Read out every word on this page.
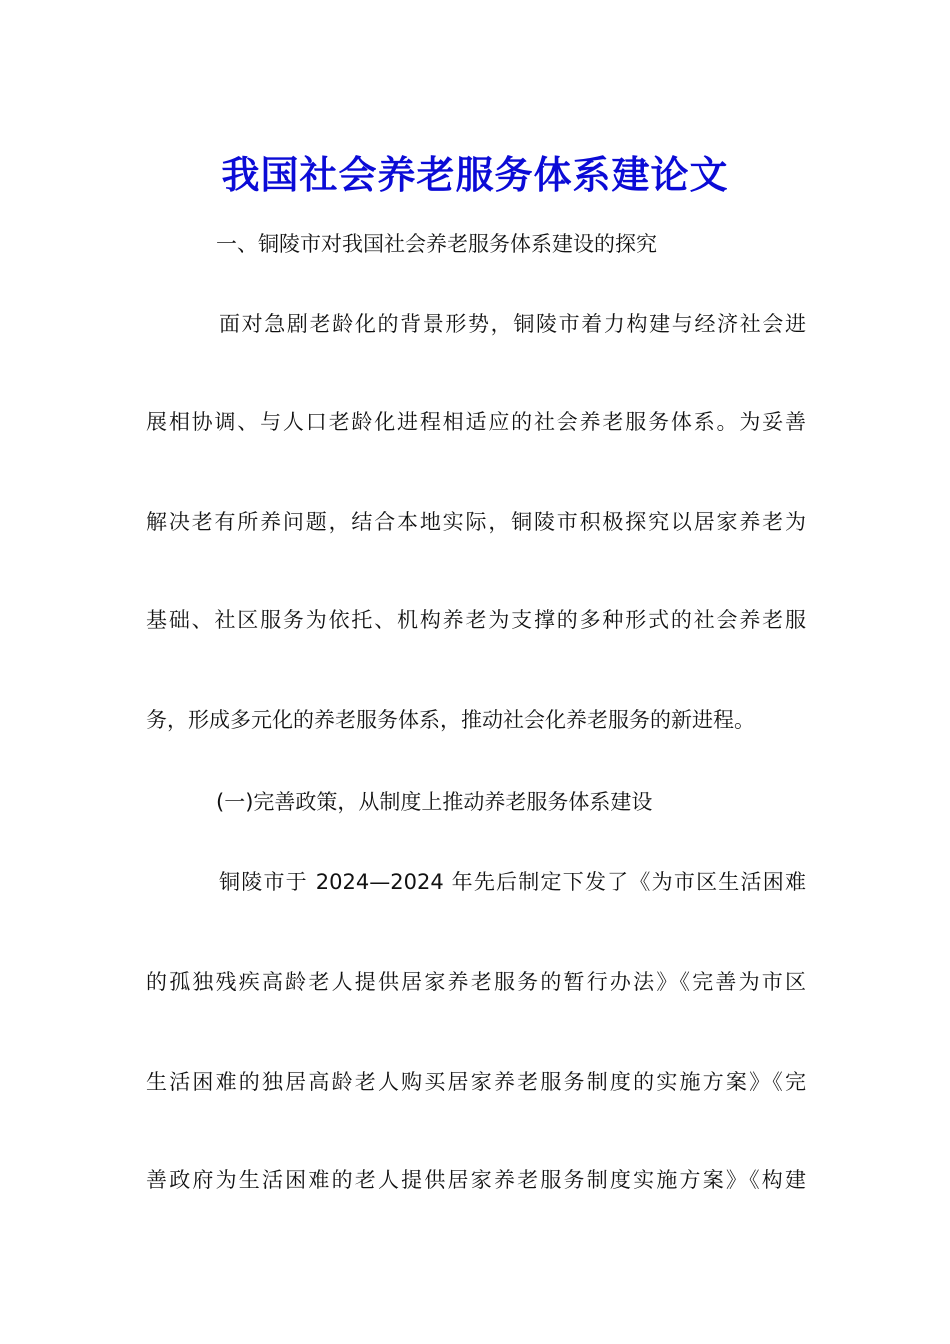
我国社会养老服务体系建论文
一、铜陵市对我国社会养老服务体系建设的探究
面对急剧老龄化的背景形势，铜陵市着力构建与经济社会进
展相协调、与人口老龄化进程相适应的社会养老服务体系。为妥善
解决老有所养问题，结合本地实际，铜陵市积极探究以居家养老为
基础、社区服务为依托、机构养老为支撑的多种形式的社会养老服
务，形成多元化的养老服务体系，推动社会化养老服务的新进程。
(一)完善政策，从制度上推动养老服务体系建设
铜陵市于 2024—2024 年先后制定下发了《为市区生活困难
的孤独残疾高龄老人提供居家养老服务的暂行办法》《完善为市区
生活困难的独居高龄老人购买居家养老服务制度的实施方案》《完
善政府为生活困难的老人提供居家养老服务制度实施方案》《构建
